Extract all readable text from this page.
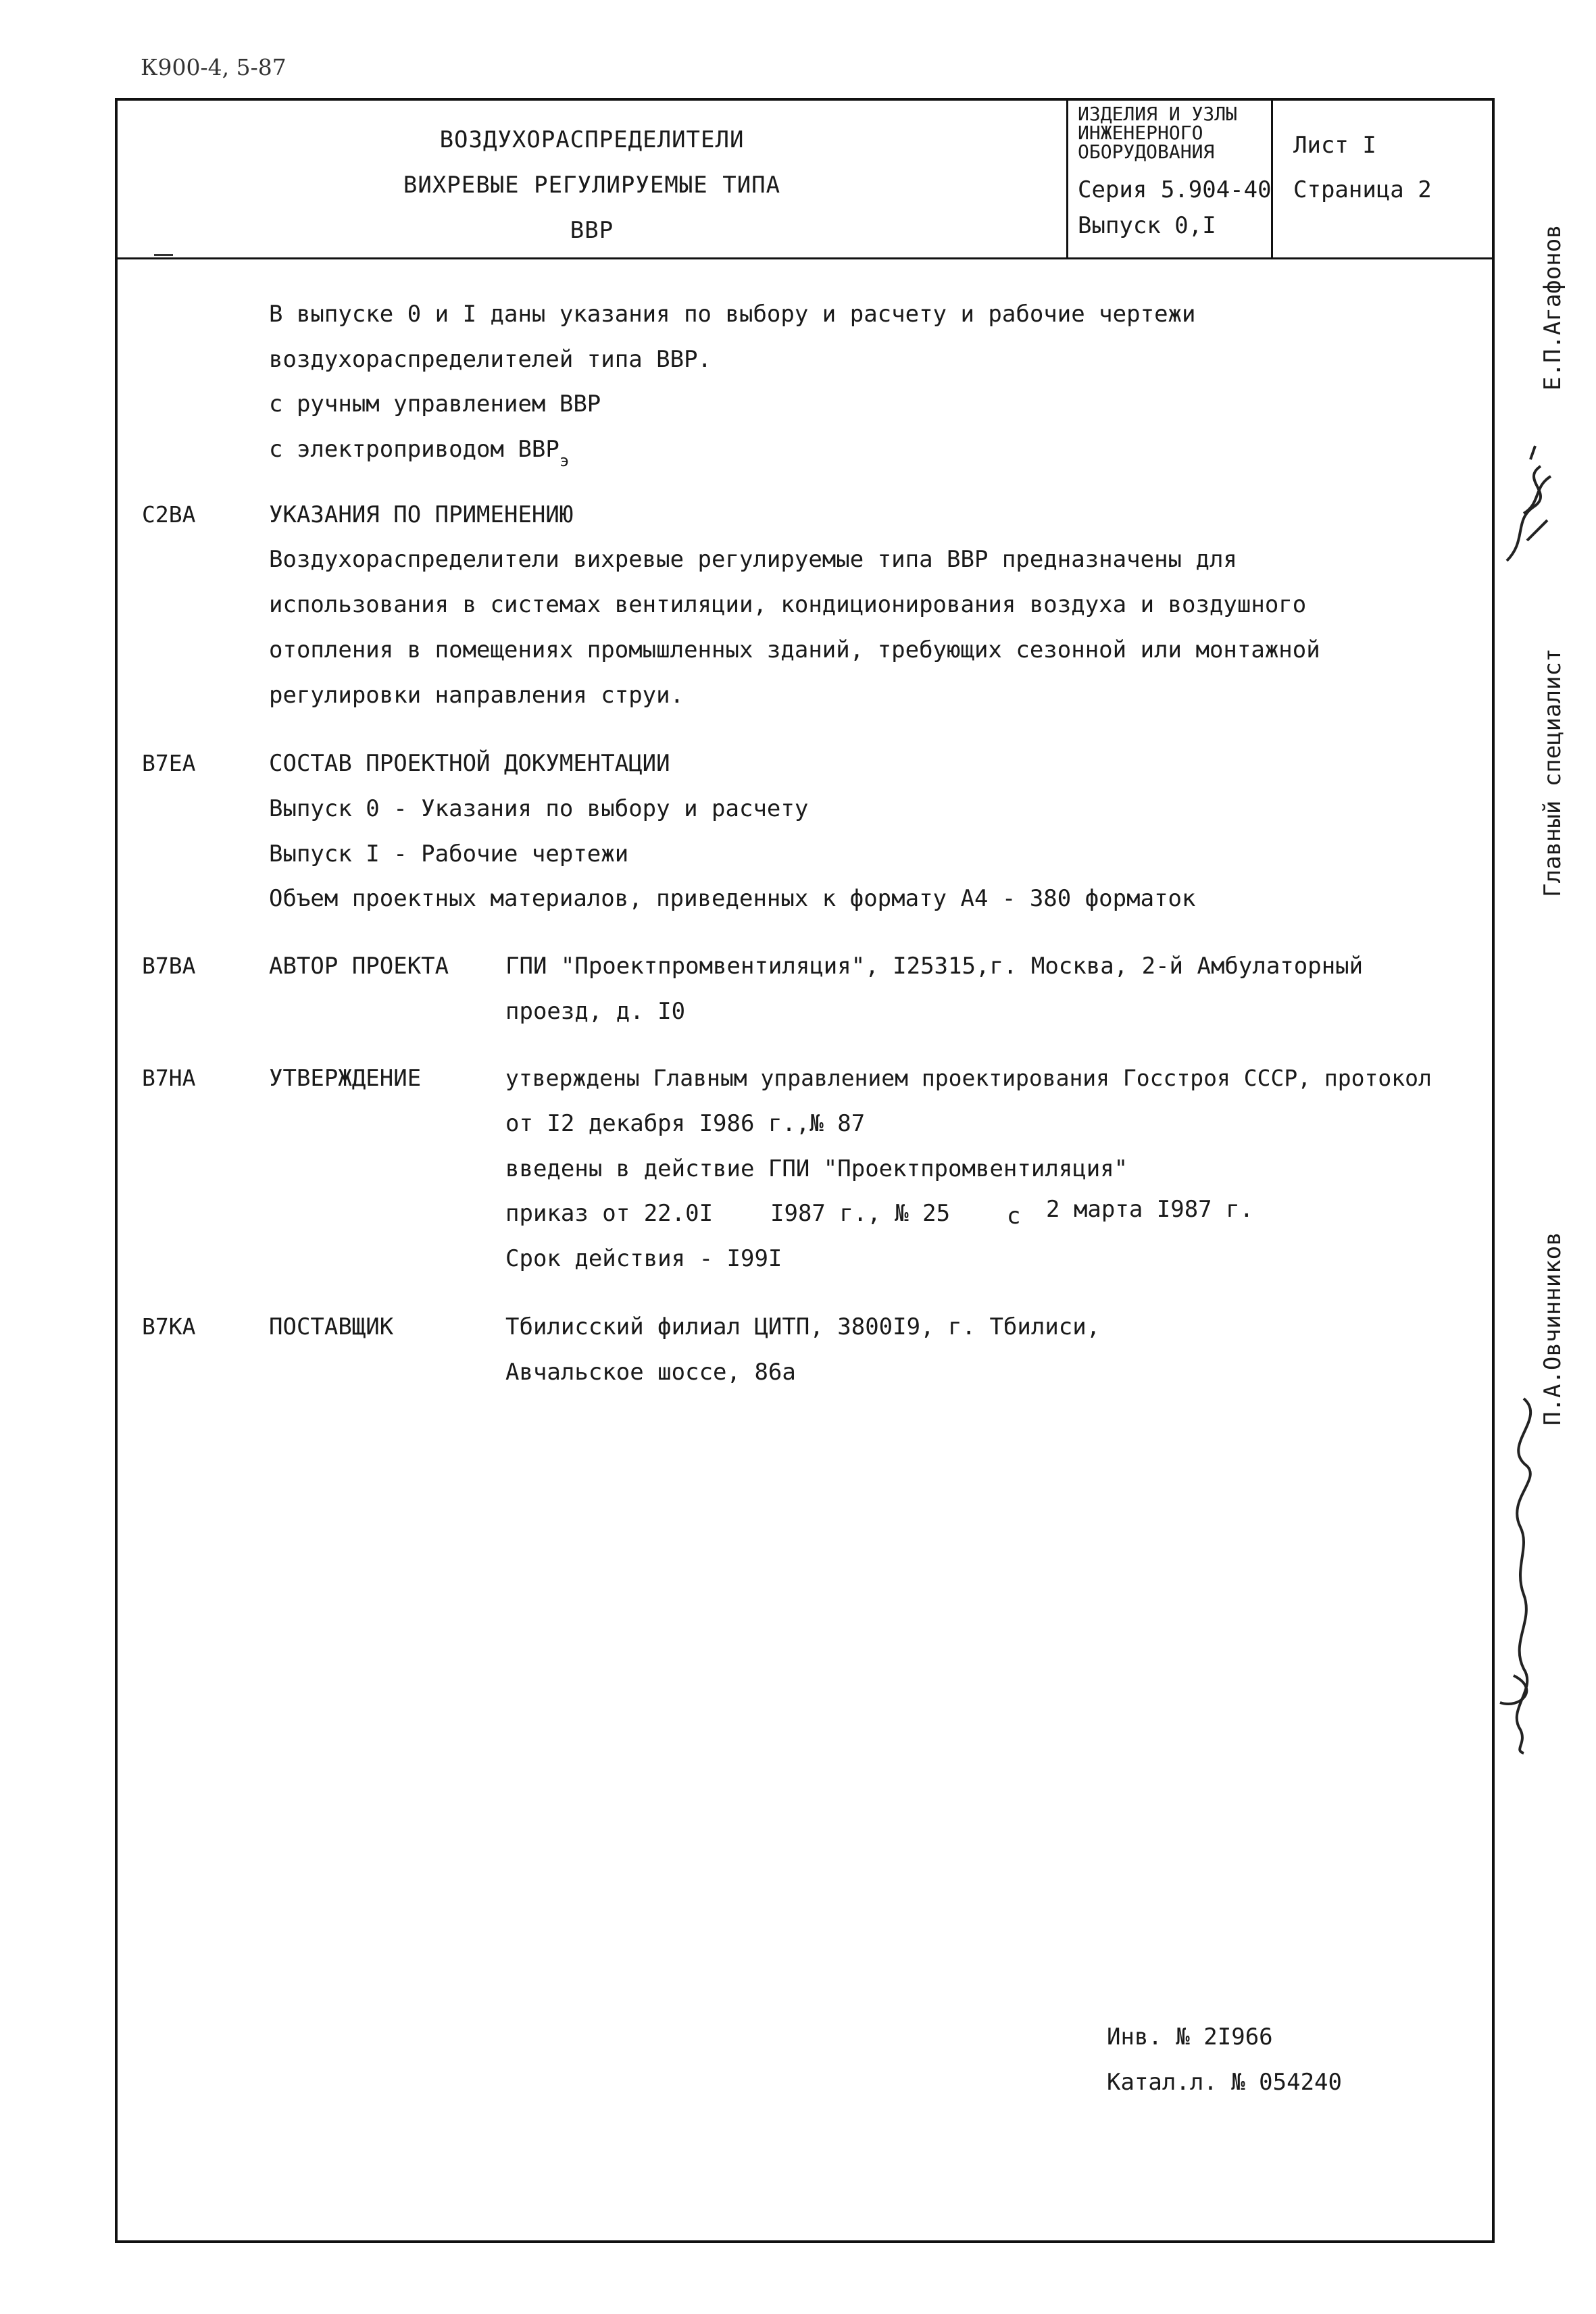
К900-4, 5-87
ВОЗДУХОРАСПРЕДЕЛИТЕЛИ
ВИХРЕВЫЕ РЕГУЛИРУЕМЫЕ ТИПА
ВВР
ИЗДЕЛИЯ И УЗЛЫ
ИНЖЕНЕРНОГО
ОБОРУДОВАНИЯ
Серия 5.904-40
Выпуск 0,I
Лист I
Страница 2
В выпуске 0 и I даны указания по выбору и расчету и рабочие чертежи
воздухораспределителей типа ВВР.
с ручным управлением ВВР
с электроприводом $ВВР_э$
С2ВА	УКАЗАНИЯ ПО ПРИМЕНЕНИЮ
Воздухораспределители вихревые регулируемые типа ВВР предназначены для
использования в системах вентиляции, кондиционирования воздуха и воздушного
отопления в помещениях промышленных зданий, требующих сезонной или монтажной
регулировки направления струи.
В7ЕА	СОСТАВ ПРОЕКТНОЙ ДОКУМЕНТАЦИИ
Выпуск 0 - Указания по выбору и расчету
Выпуск I - Рабочие чертежи
Объем проектных материалов, приведенных к формату А4 - 380 форматок
В7ВА	АВТОР ПРОЕКТА ГПИ "Проектпромвентиляция", I25315,г. Москва, 2-й Амбулаторный
проезд, д. I0
В7НА	УТВЕРЖДЕНИЕ	утверждены Главным управлением проектирования Госстроя СССР, протокол
от I2 декабря I986 г.,№ 87
введены в действие ГПИ "Проектпромвентиляция"
приказ от 22.0I I987 г., № 25 с 2 марта I987 г.
Срок действия - I99I
В7КА	ПОСТАВЩИК	Тбилисский филиал ЦИТП, 3800I9, г. Тбилиси,
Авчальское шоссе, 86а
Инв. № 2I966
Катал.л. № 054240
Е.П.Агафонов
Главный специалист
П.А.Овчинников
